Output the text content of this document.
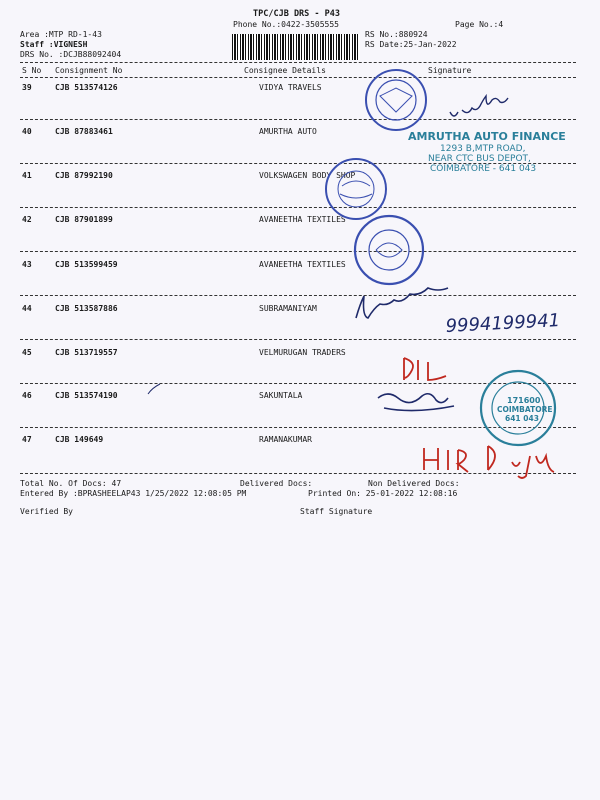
TPC/CJB DRS - P43
Phone No.:0422-3505555	Page No.:4
Area :MTP RD-1-43
Staff :VIGNESH
DRS No. :DCJB88092404
RS No.:880924
RS Date:25-Jan-2022
S No Consignment No	Consignee Details	Signature
39	CJB 513574126	VIDYA TRAVELS
40	CJB 87883461	AMURTHA AUTO
41	CJB 87992190	VOLKSWAGEN BODY SHOP
42	CJB 87901899	AVANEETHA TEXTILES
43	CJB 513599459	AVANEETHA TEXTILES
44	CJB 513587886	SUBRAMANIYAM
45	CJB 513719557	VELMURUGAN TRADERS
46	CJB 513574190	SAKUNTALA
47	CJB 149649	RAMANAKUMAR
Total No. Of Docs: 47	Delivered Docs:	Non Delivered Docs:
Entered By :BPRASHEELAP43 1/25/2022 12:08:05 PM	Printed On: 25-01-2022 12:08:16
Verified By	Staff Signature
AMRUTHA AUTO FINANCE
1293 B,MTP ROAD,
NEAR CTC BUS DEPOT,
COIMBATORE - 641 043
9994199941
171600
COIMBATORE
641 043
